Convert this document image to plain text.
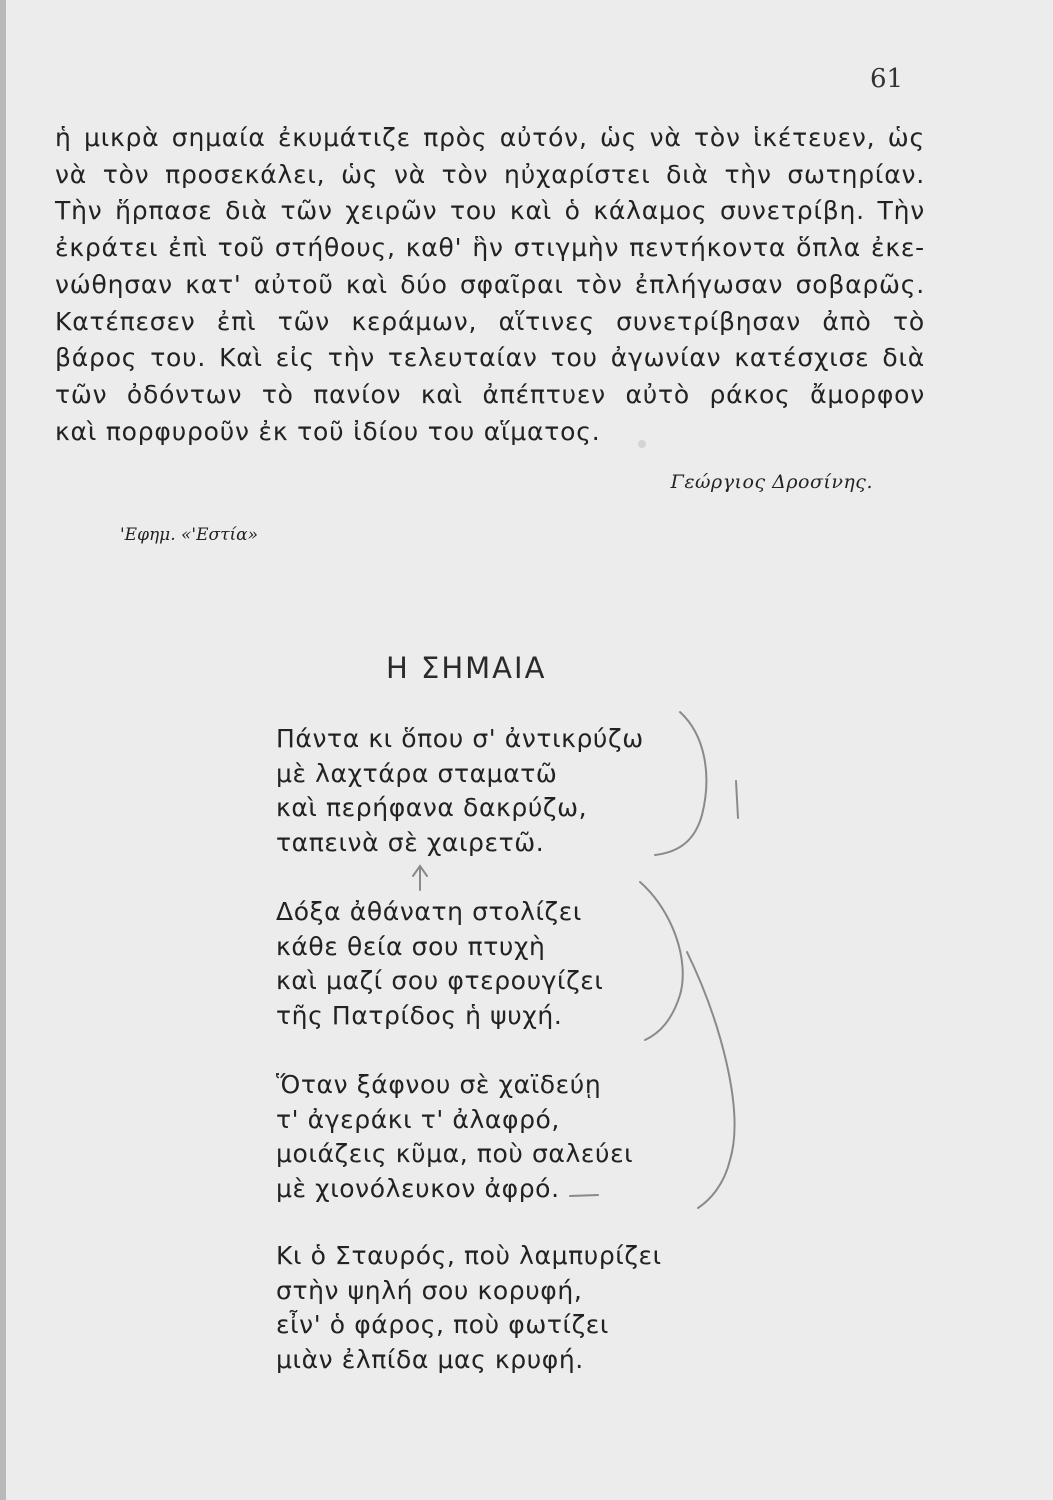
61
ἡ μικρὰ σημαία ἐκυμάτιζε πρὸς αὐτόν, ὡς νὰ τὸν ἱκέτευεν, ὡς
νὰ τὸν προσεκάλει, ὡς νὰ τὸν ηὐχαρίστει διὰ τὴν σωτηρίαν.
Τὴν ἥρπασε διὰ τῶν χειρῶν του καὶ ὁ κάλαμος συνετρίβη. Τὴν
ἐκράτει ἐπὶ τοῦ στήθους, καθ' ἣν στιγμὴν πεντήκοντα ὅπλα ἐκε-
νώθησαν κατ' αὐτοῦ καὶ δύο σφαῖραι τὸν ἐπλήγωσαν σοβαρῶς.
Κατέπεσεν ἐπὶ τῶν κεράμων, αἵτινες συνετρίβησαν ἀπὸ τὸ
βάρος του. Καὶ εἰς τὴν τελευταίαν του ἀγωνίαν κατέσχισε διὰ
τῶν ὀδόντων τὸ πανίον καὶ ἀπέπτυεν αὐτὸ ράκος ἄμορφον
καὶ πορφυροῦν ἐκ τοῦ ἰδίου του αἵματος.
Γεώργιος Δροσίνης.
'Εφημ. «'Εστία»
Η ΣΗΜΑΙΑ
Πάντα κι ὅπου σ' ἀντικρύζω
μὲ λαχτάρα σταματῶ
καὶ περήφανα δακρύζω,
ταπεινὰ σὲ χαιρετῶ.
Δόξα ἀθάνατη στολίζει
κάθε θεία σου πτυχὴ
καὶ μαζί σου φτερουγίζει
τῆς Πατρίδος ἡ ψυχή.
Ὅταν ξάφνου σὲ χαϊδεύῃ
τ' ἀγεράκι τ' ἀλαφρό,
μοιάζεις κῦμα, ποὺ σαλεύει
μὲ χιονόλευκον ἀφρό.
Κι ὁ Σταυρός, ποὺ λαμπυρίζει
στὴν ψηλή σου κορυφή,
εἶν' ὁ φάρος, ποὺ φωτίζει
μιὰν ἐλπίδα μας κρυφή.
